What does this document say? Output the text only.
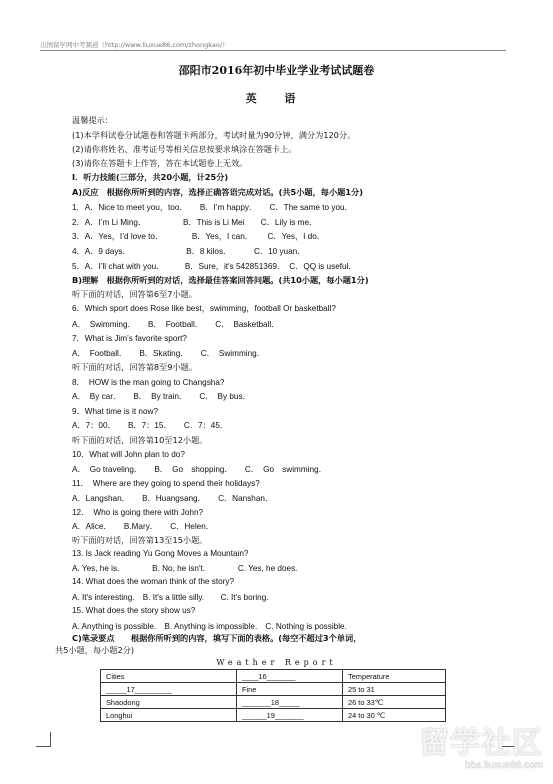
出国留学网中考频道（http://www.liuxue86.com/zhongkao/）
邵阳市2016年初中毕业学业考试试题卷
英 语
温馨提示：
(1)本学科试卷分试题卷和答题卡两部分，考试时量为90分钟，满分为120分。
(2)请你将姓名、准考证号等相关信息按要求填涂在答题卡上。
(3)请你在答题卡上作答，答在本试题卷上无效。
I．听力技能(三部分，共20小题，计25分)
A)反应　根据你所听到的内容，选择正确答语完成对话。(共5小题，每小题1分)
1．A．Nice to meet you，too．　　B．I’m happy．　　C．The same to you．
2．A．I’m Li Ming．　　　　　B．This is Li Mei　　C．Lily is me．
3．A．Yes，I’d love to．　　　　B．Yes，I can．　　 C．Yes，I do．
4．A．9 days．　　　　　　　 B．8 kilos．　　　 C．10 yuan．
5．A．I’ll chat with you．　　　B．Sure，it's 542851369．　C．QQ is useful．
B)理解　根据你所听到的对话，选择最佳答案回答问题。(共10小题，每小题1分)
听下面的对话，回答第6至7小题。
6．Which sport does Rose like best，swimming，football Or basketball?
A．　Swimming．　　B．　Football．　　C．　Basketball．
7．What is Jim’s favorite sport?
A．　Football．　　B．Skating．　　C．　Swimming．
听下面的对话，回答第8至9小题。
8．　HOW is the man going to Changsha?
A．　By car．　　B．　By train．　　C．　By bus．
9．What time is it now?
A．7：00．　　B．7：15．　　C．7：45．
听下面的对话，回答第10至12小题。
10．What will John plan to do?
A．　Go traveling．　　B．　Go　shopping．　　C．　Go　swimming．
11．　Where are they going to spend their holidays?
A．Langshan．　　B．Huangsang．　　C．Nanshan．
12．　Who is going there with John?
A．Alice．　　B.Mary．　　C．Helen．
听下面的对话，回答第13至15小题。
13. Is Jack reading Yu Gong Moves a Mountain?
A. Yes, he is.　　　　B. No, he isn't.　　　　C. Yes, he does.
14. What does the woman think of the story?
A. It's interesting.　B. It's a little silly.　　C. It's boring.
15. What does the story show us?
A. Anything is possible.　B. Anything is impossible.　C. Nothing is possible.
C)笔录要点　　根据你所听到的内容，填写下面的表格。(每空不超过3个单词，
共5小题，每小题2分)
Weather Report
Cities	____16_______	Temperature
_____17_________	Fine	25 to 31
Shaodong	_______18_____	26 to 33℃
Longhui	______19_______	24 to 30 ℃
留学社区
bbs.liuxue86.com
